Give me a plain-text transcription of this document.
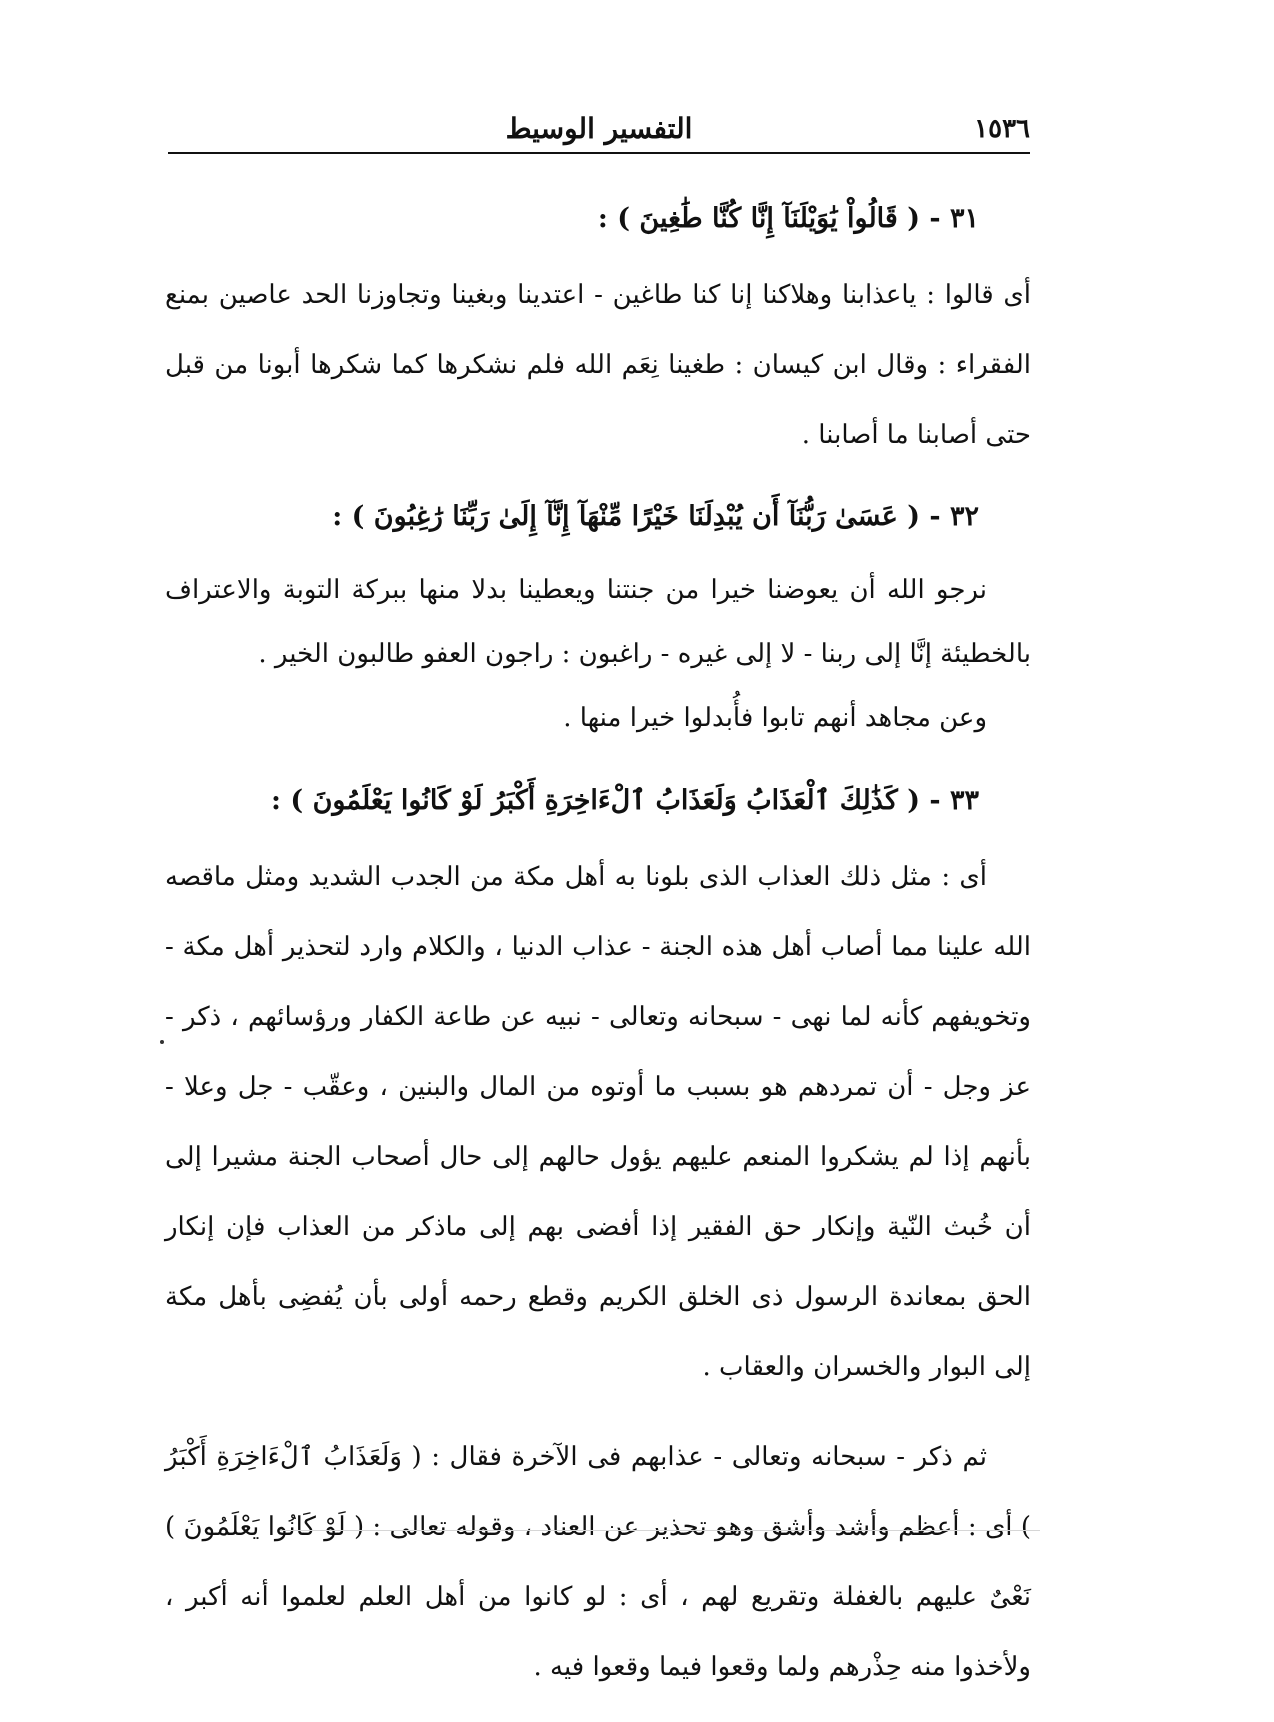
١٥٣٦
التفسير الوسيط
٣١ - ( قَالُواْ يَٰوَيْلَنَآ إِنَّا كُنَّا طَٰغِينَ ) :

أى قالوا : ياعذابنا وهلاكنا إنا كنا طاغين - اعتدينا وبغينا وتجاوزنا الحد عاصين بمنع الفقراء : وقال ابن كيسان : طغينا نِعَم الله فلم نشكرها كما شكرها أبونا من قبل حتى أصابنا ما أصابنا .

٣٢ - ( عَسَىٰ رَبُّنَآ أَن يُبْدِلَنَا خَيْرًا مِّنْهَآ إِنَّآ إِلَىٰ رَبِّنَا رَٰغِبُونَ ) :

نرجو الله أن يعوضنا خيرا من جنتنا ويعطينا بدلا منها ببركة التوبة والاعتراف بالخطيئة إنَّا إلى ربنا - لا إلى غيره - راغبون : راجون العفو طالبون الخير .

وعن مجاهد أنهم تابوا فأُبدلوا خيرا منها .

٣٣ - ( كَذَٰلِكَ ٱلْعَذَابُ وَلَعَذَابُ ٱلْءَاخِرَةِ أَكْبَرُ لَوْ كَانُوا يَعْلَمُونَ ) :

أى : مثل ذلك العذاب الذى بلونا به أهل مكة من الجدب الشديد ومثل ماقصه الله علينا مما أصاب أهل هذه الجنة - عذاب الدنيا ، والكلام وارد لتحذير أهل مكة - وتخويفهم كأنه لما نهى - سبحانه وتعالى - نبيه عن طاعة الكفار ورؤسائهم ، ذكر - عز وجل - أن تمردهم هو بسبب ما أوتوه من المال والبنين ، وعقّب - جل وعلا - بأنهم إذا لم يشكروا المنعم عليهم يؤول حالهم إلى حال أصحاب الجنة مشيرا إلى أن خُبث النّية وإنكار حق الفقير إذا أفضى بهم إلى ماذكر من العذاب فإن إنكار الحق بمعاندة الرسول ذى الخلق الكريم وقطع رحمه أولى بأن يُفضِى بأهل مكة إلى البوار والخسران والعقاب .

ثم ذكر - سبحانه وتعالى - عذابهم فى الآخرة فقال : ( وَلَعَذَابُ ٱلْءَاخِرَةِ أَكْبَرُ ) أى : أعظم وأشد وأشق وهو تحذير عن العناد ، وقوله تعالى : ( لَوْ كَانُوا يَعْلَمُونَ ) نَعْىٌ عليهم بالغفلة وتقريع لهم ، أى : لو كانوا من أهل العلم لعلموا أنه أكبر ، ولأخذوا منه حِذْرهم ولما وقعوا فيما وقعوا فيه .
